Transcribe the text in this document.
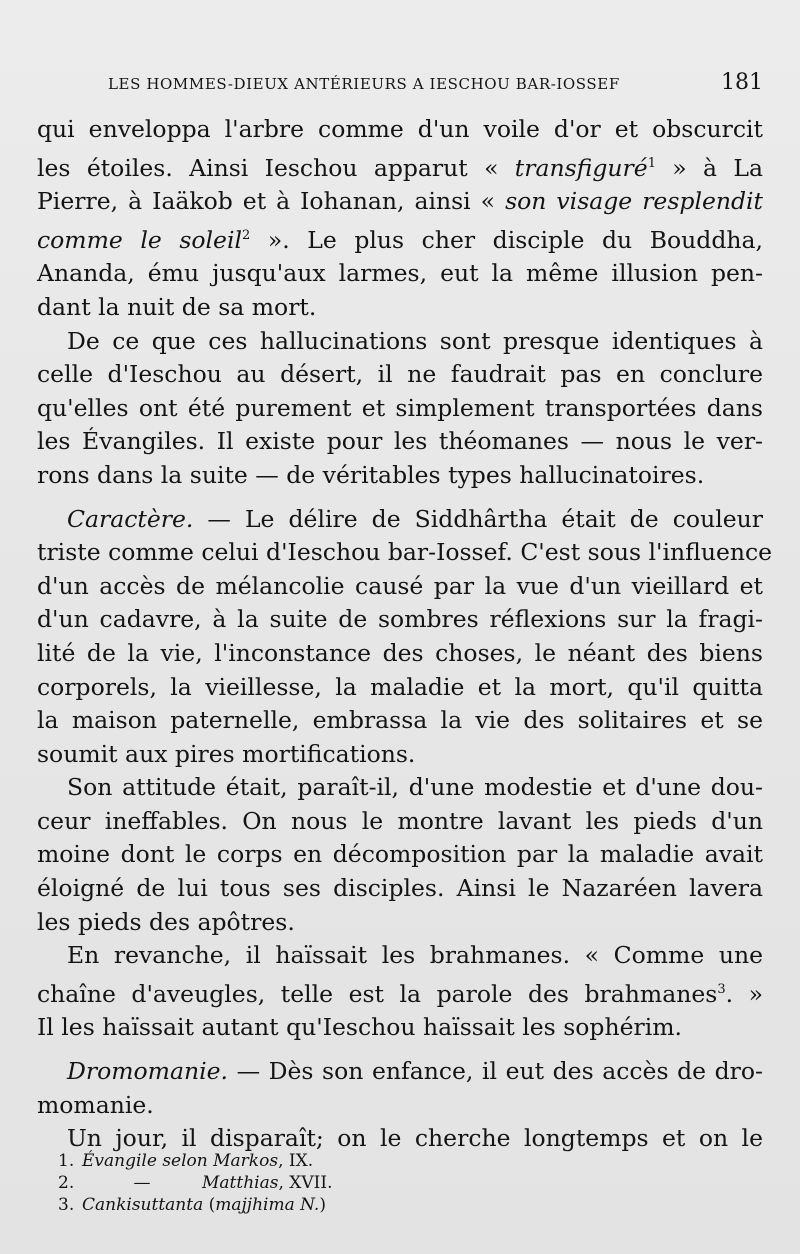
LES HOMMES-DIEUX ANTÉRIEURS A IESCHOU BAR-IOSSEF	181

qui enveloppa l'arbre comme d'un voile d'or et obscurcit
les étoiles. Ainsi Ieschou apparut « transfiguré$^1$ » à La
Pierre, à Iaäkob et à Iohanan, ainsi « son visage resplendit
comme le soleil$^2$ ». Le plus cher disciple du Bouddha,
Ananda, ému jusqu'aux larmes, eut la même illusion pen-
dant la nuit de sa mort.

De ce que ces hallucinations sont presque identiques à
celle d'Ieschou au désert, il ne faudrait pas en conclure
qu'elles ont été purement et simplement transportées dans
les Évangiles. Il existe pour les théomanes — nous le ver-
rons dans la suite — de véritables types hallucinatoires.

Caractère. — Le délire de Siddhârtha était de couleur
triste comme celui d'Ieschou bar-Iossef. C'est sous l'influence
d'un accès de mélancolie causé par la vue d'un vieillard et
d'un cadavre, à la suite de sombres réflexions sur la fragi-
lité de la vie, l'inconstance des choses, le néant des biens
corporels, la vieillesse, la maladie et la mort, qu'il quitta
la maison paternelle, embrassa la vie des solitaires et se
soumit aux pires mortifications.

Son attitude était, paraît-il, d'une modestie et d'une dou-
ceur ineffables. On nous le montre lavant les pieds d'un
moine dont le corps en décomposition par la maladie avait
éloigné de lui tous ses disciples. Ainsi le Nazaréen lavera
les pieds des apôtres.

En revanche, il haïssait les brahmanes. « Comme une
chaîne d'aveugles, telle est la parole des brahmanes$^3$. »
Il les haïssait autant qu'Ieschou haïssait les sophérim.

Dromomanie. — Dès son enfance, il eut des accès de dro-
momanie.

Un jour, il disparaît; on le cherche longtemps et on le

1. Évangile selon Markos, IX.
2.	—	Matthias, XVII.
3. Cankisuttanta (majjhima N.)
